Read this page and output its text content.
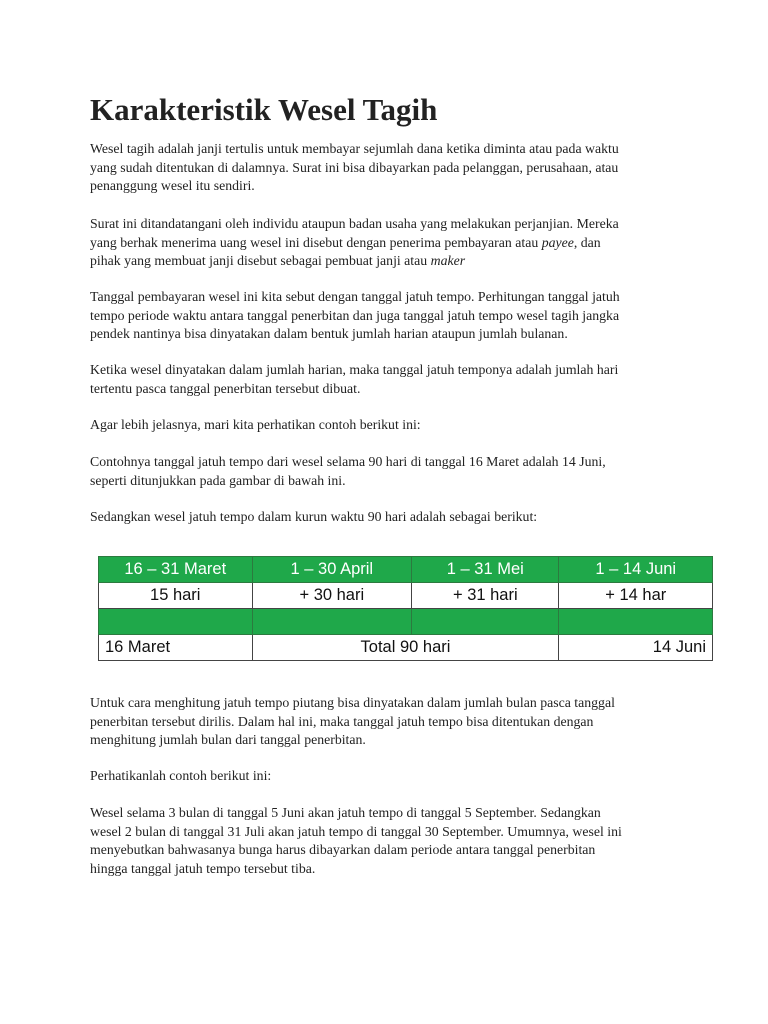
Karakteristik Wesel Tagih

Wesel tagih adalah janji tertulis untuk membayar sejumlah dana ketika diminta atau pada waktu
yang sudah ditentukan di dalamnya. Surat ini bisa dibayarkan pada pelanggan, perusahaan, atau
penanggung wesel itu sendiri.

Surat ini ditandatangani oleh individu ataupun badan usaha yang melakukan perjanjian. Mereka
yang berhak menerima uang wesel ini disebut dengan penerima pembayaran atau payee, dan
pihak yang membuat janji disebut sebagai pembuat janji atau maker

Tanggal pembayaran wesel ini kita sebut dengan tanggal jatuh tempo. Perhitungan tanggal jatuh
tempo periode waktu antara tanggal penerbitan dan juga tanggal jatuh tempo wesel tagih jangka
pendek nantinya bisa dinyatakan dalam bentuk jumlah harian ataupun jumlah bulanan.

Ketika wesel dinyatakan dalam jumlah harian, maka tanggal jatuh temponya adalah jumlah hari
tertentu pasca tanggal penerbitan tersebut dibuat.

Agar lebih jelasnya, mari kita perhatikan contoh berikut ini:

Contohnya tanggal jatuh tempo dari wesel selama 90 hari di tanggal 16 Maret adalah 14 Juni,
seperti ditunjukkan pada gambar di bawah ini.

Sedangkan wesel jatuh tempo dalam kurun waktu 90 hari adalah sebagai berikut:

Untuk cara menghitung jatuh tempo piutang bisa dinyatakan dalam jumlah bulan pasca tanggal
penerbitan tersebut dirilis. Dalam hal ini, maka tanggal jatuh tempo bisa ditentukan dengan
menghitung jumlah bulan dari tanggal penerbitan.

Perhatikanlah contoh berikut ini:

Wesel selama 3 bulan di tanggal 5 Juni akan jatuh tempo di tanggal 5 September. Sedangkan
wesel 2 bulan di tanggal 31 Juli akan jatuh tempo di tanggal 30 September. Umumnya, wesel ini
menyebutkan bahwasanya bunga harus dibayarkan dalam periode antara tanggal penerbitan
hingga tanggal jatuh tempo tersebut tiba.

16 – 31 Maret	1 – 30 April	1 – 31 Mei	1 – 14 Juni
15 hari	+ 30 hari	+ 31 hari	+ 14 har

16 Maret	Total 90 hari		14 Juni
